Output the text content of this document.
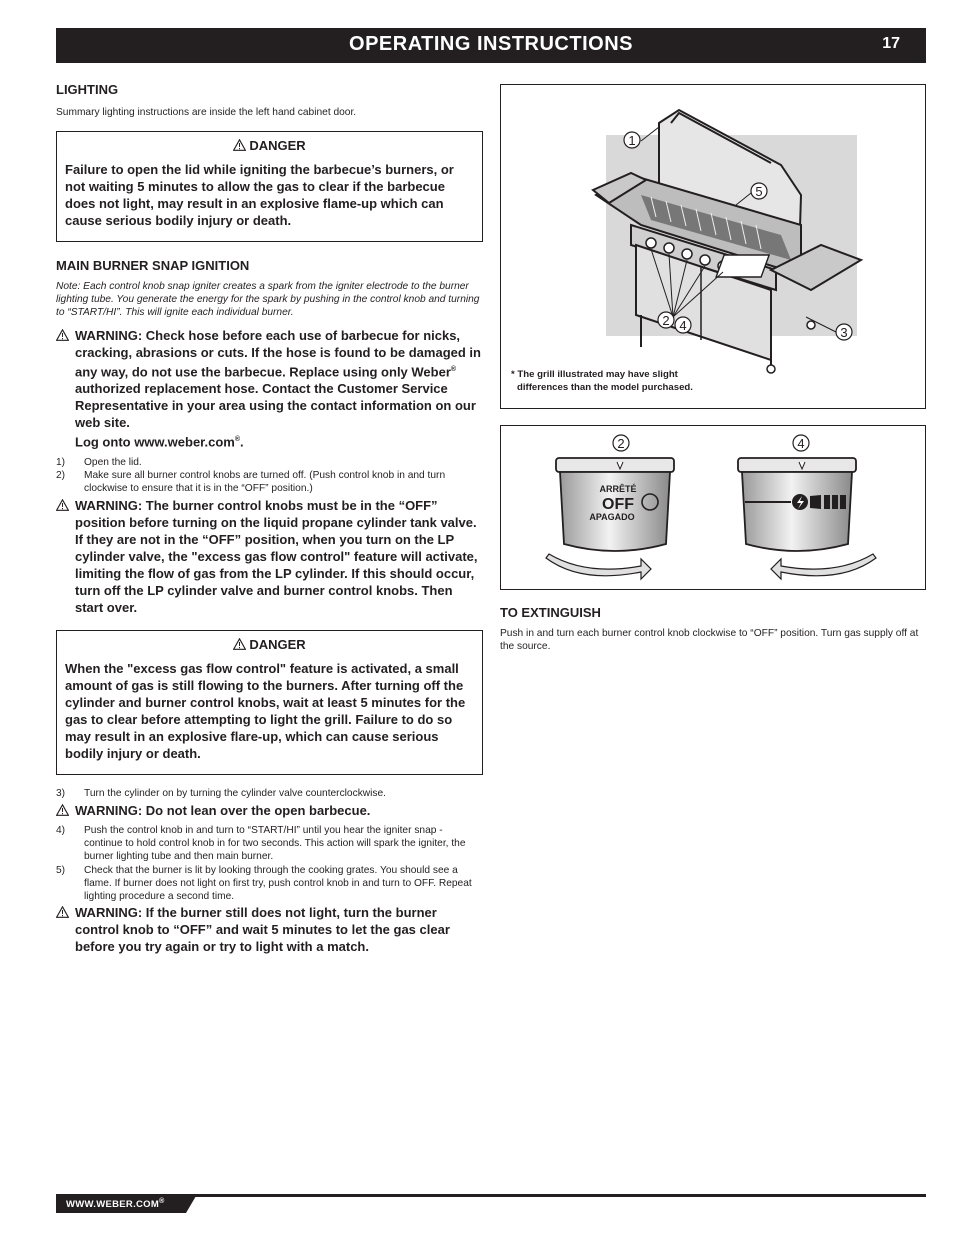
OPERATING INSTRUCTIONS	17
LIGHTING
Summary lighting instructions are inside the left hand cabinet door.
DANGER
Failure to open the lid while igniting the barbecue’s burners, or not waiting 5 minutes to allow the gas to clear if the barbecue does not light, may result in an explosive flame-up which can cause serious bodily injury or death.
MAIN BURNER SNAP IGNITION
Note: Each control knob snap igniter creates a spark from the igniter electrode to the burner lighting tube. You generate the energy for the spark by pushing in the control knob and turning to “START/HI”. This will ignite each individual burner.
WARNING: Check hose before each use of barbecue for nicks, cracking, abrasions or cuts. If the hose is found to be damaged in any way, do not use the barbecue. Replace using only Weber® authorized replacement hose. Contact the Customer Service Representative in your area using the contact information on our web site.
Log onto www.weber.com®.
1) Open the lid.
2) Make sure all burner control knobs are turned off. (Push control knob in and turn clockwise to ensure that it is in the “OFF” position.)
WARNING: The burner control knobs must be in the “OFF” position before turning on the liquid propane cylinder tank valve. If they are not in the “OFF” position, when you turn on the LP cylinder valve, the "excess gas flow control" feature will activate, limiting the flow of gas from the LP cylinder. If this should occur, turn off the LP cylinder valve and burner control knobs. Then start over.
DANGER
When the "excess gas flow control" feature is activated, a small amount of gas is still flowing to the burners. After turning off the cylinder and burner control knobs, wait at least 5 minutes for the gas to clear before attempting to light the grill. Failure to do so may result in an explosive flare-up, which can cause serious bodily injury or death.
3) Turn the cylinder on by turning the cylinder valve counterclockwise.
WARNING: Do not lean over the open barbecue.
4) Push the control knob in and turn to “START/HI” until you hear the igniter snap - continue to hold control knob in for two seconds. This action will spark the igniter, the burner lighting tube and then main burner.
5) Check that the burner is lit by looking through the cooking grates. You should see a flame. If burner does not light on first try, push control knob in and turn to OFF. Repeat lighting procedure a second time.
WARNING: If the burner still does not light, turn the burner control knob to “OFF” and wait 5 minutes to let the gas clear before you try again or try to light with a match.
1
5
2 4	3
* The grill illustrated may have slight
differences than the model purchased.
ARRÊTÉ
OFF
APAGADO
2	4
TO EXTINGUISH
Push in and turn each burner control knob clockwise to “OFF” position. Turn gas supply off at the source.
WWW.WEBER.COM®
